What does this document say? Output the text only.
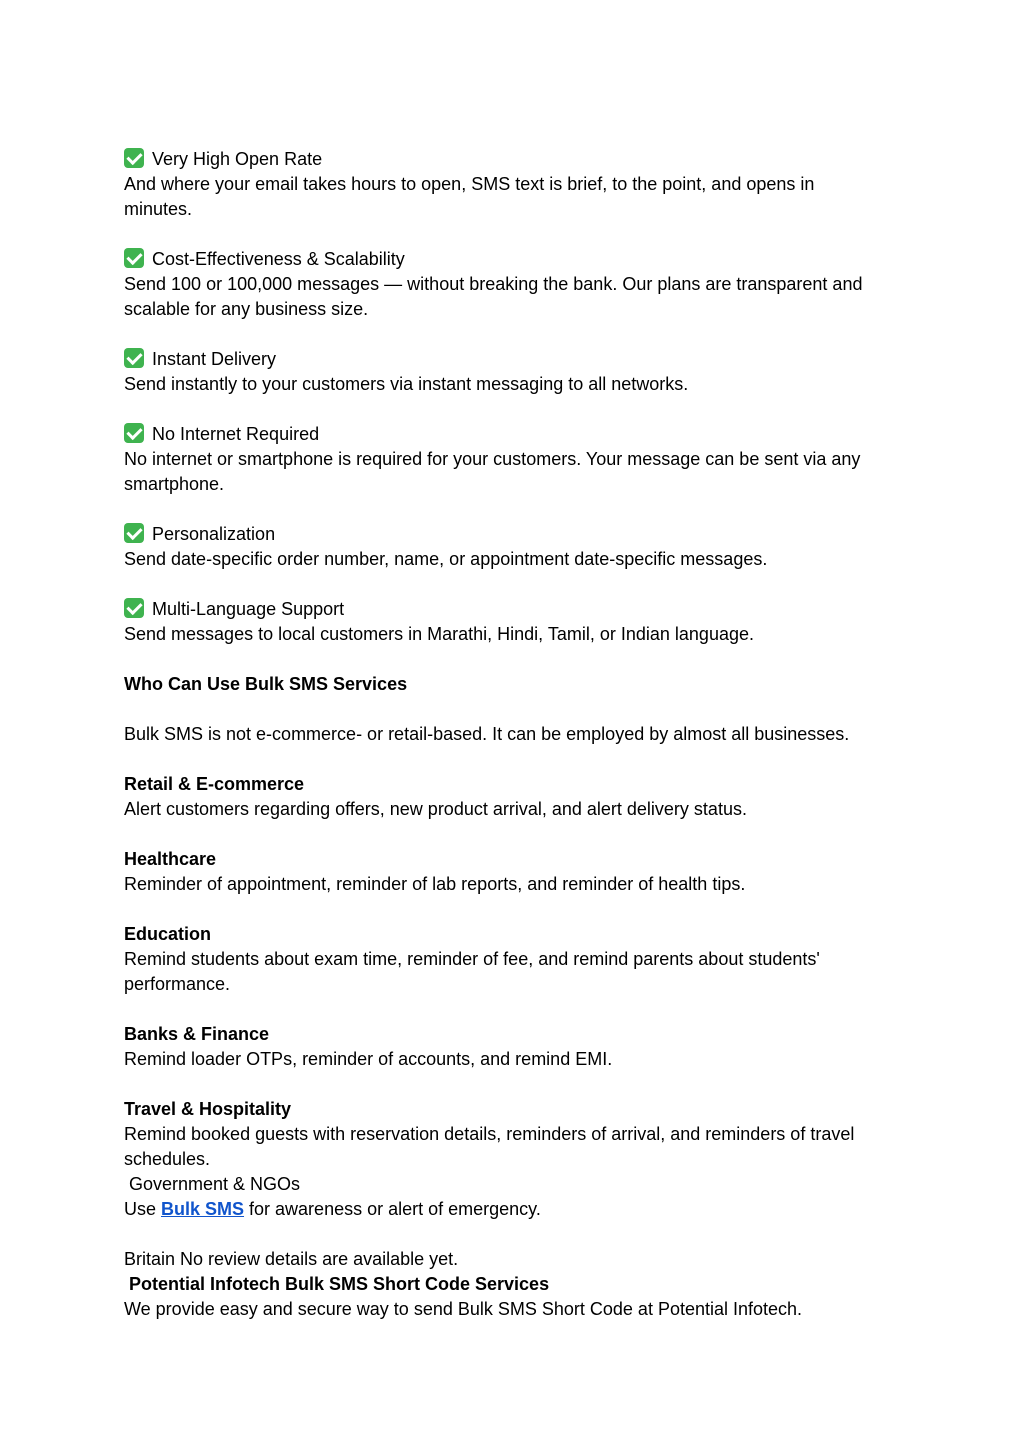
Very High Open Rate

And where your email takes hours to open, SMS text is brief, to the point, and opens in

minutes.

Cost-Effectiveness & Scalability

Send 100 or 100,000 messages — without breaking the bank. Our plans are transparent and

scalable for any business size.

Instant Delivery

Send instantly to your customers via instant messaging to all networks.

No Internet Required

No internet or smartphone is required for your customers. Your message can be sent via any

smartphone.

Personalization

Send date-specific order number, name, or appointment date-specific messages.

Multi-Language Support

Send messages to local customers in Marathi, Hindi, Tamil, or Indian language.

Who Can Use Bulk SMS Services

Bulk SMS is not e-commerce- or retail-based. It can be employed by almost all businesses.

Retail & E-commerce

Alert customers regarding offers, new product arrival, and alert delivery status.

Healthcare

Reminder of appointment, reminder of lab reports, and reminder of health tips.

Education

Remind students about exam time, reminder of fee, and remind parents about students'

performance.

Banks & Finance

Remind loader OTPs, reminder of accounts, and remind EMI.

Travel & Hospitality

Remind booked guests with reservation details, reminders of arrival, and reminders of travel

schedules.

Government & NGOs

Use Bulk SMS for awareness or alert of emergency.

Britain No review details are available yet.

Potential Infotech Bulk SMS Short Code Services

We provide easy and secure way to send Bulk SMS Short Code at Potential Infotech.
